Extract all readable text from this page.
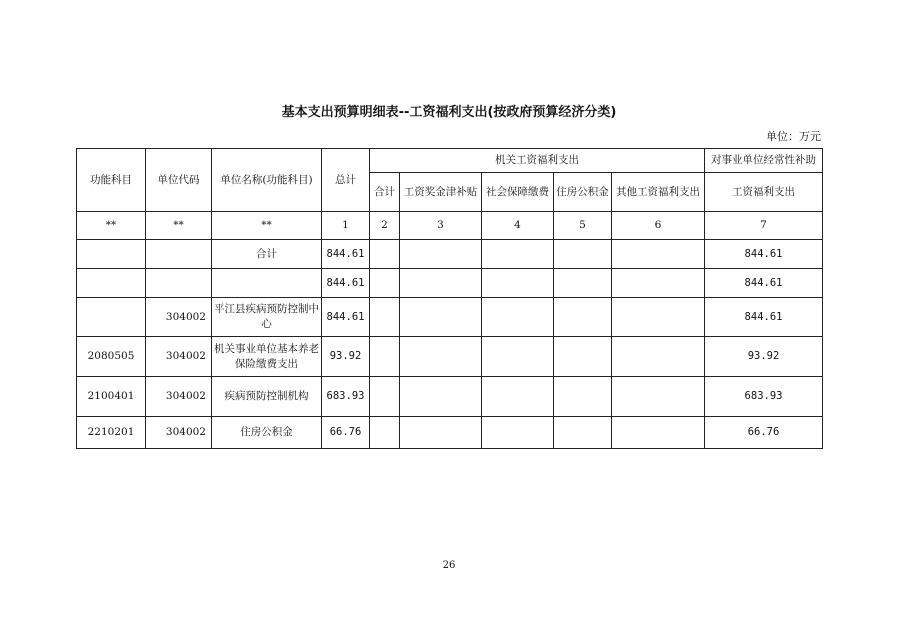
基本支出预算明细表--工资福利支出(按政府预算经济分类)
单位：万元
功能科目	单位代码	单位名称(功能科目)	总计	机关工资福利支出					对事业单位经常性补助
				合计	工资奖金津补贴	社会保障缴费	住房公积金	其他工资福利支出	工资福利支出
**	**	**	1	2	3	4	5	6	7
		合计	844.61						844.61
			844.61						844.61
	304002	平江县疾病预防控制中心	844.61						844.61
2080505	304002	机关事业单位基本养老保险缴费支出	93.92						93.92
2100401	304002	疾病预防控制机构	683.93						683.93
2210201	304002	住房公积金	66.76						66.76
26
